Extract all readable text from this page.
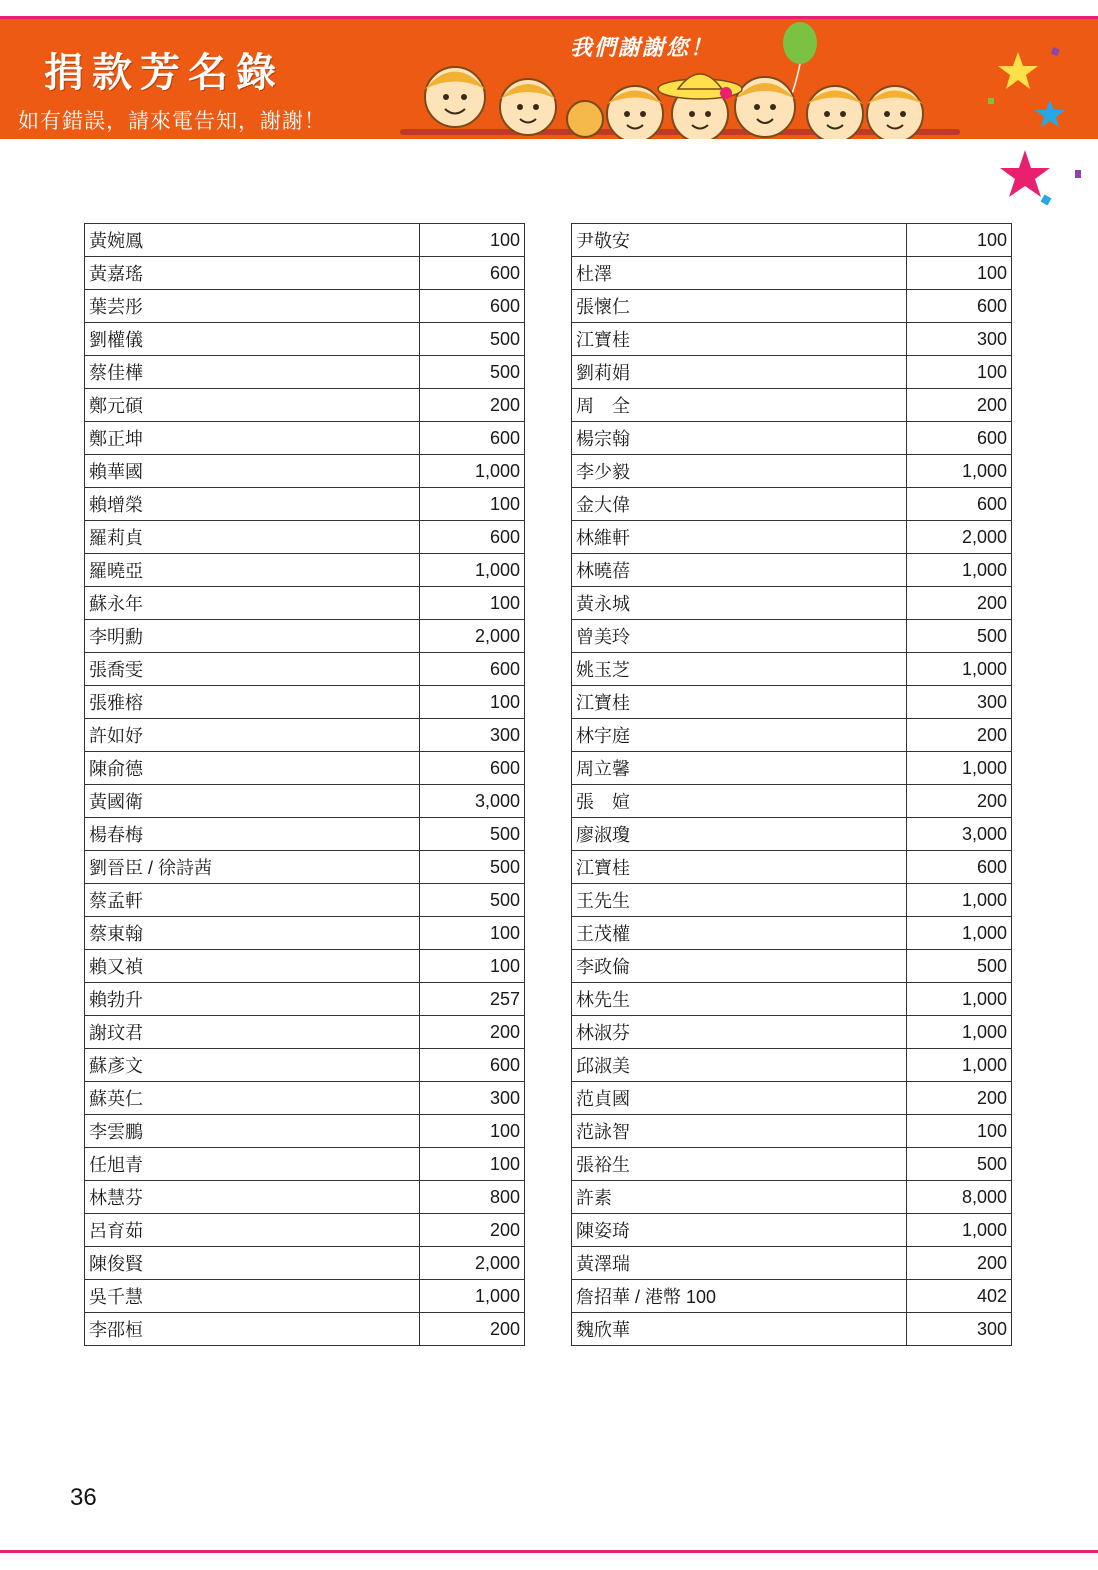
捐款芳名錄
如有錯誤，請來電告知，謝謝！
我們謝謝您！
黃婉鳳	100
黃嘉瑤	600
葉芸彤	600
劉權儀	500
蔡佳樺	500
鄭元碩	200
鄭正坤	600
賴華國	1,000
賴增榮	100
羅莉貞	600
羅曉亞	1,000
蘇永年	100
李明勳	2,000
張喬雯	600
張雅榕	100
許如妤	300
陳俞德	600
黃國衛	3,000
楊春梅	500
劉晉臣 / 徐詩茜	500
蔡孟軒	500
蔡東翰	100
賴又禎	100
賴勃升	257
謝玟君	200
蘇彥文	600
蘇英仁	300
李雲鵬	100
任旭青	100
林慧芬	800
呂育茹	200
陳俊賢	2,000
吳千慧	1,000
李邵桓	200
尹敬安	100
杜澤	100
張懷仁	600
江寶桂	300
劉莉娟	100
周　全	200
楊宗翰	600
李少毅	1,000
金大偉	600
林維軒	2,000
林曉蓓	1,000
黃永城	200
曾美玲	500
姚玉芝	1,000
江寶桂	300
林宇庭	200
周立馨	1,000
張　媗	200
廖淑瓊	3,000
江寶桂	600
王先生	1,000
王茂權	1,000
李政倫	500
林先生	1,000
林淑芬	1,000
邱淑美	1,000
范貞國	200
范詠智	100
張裕生	500
許素	8,000
陳姿琦	1,000
黃澤瑞	200
詹招華 / 港幣 100	402
魏欣華	300
36
